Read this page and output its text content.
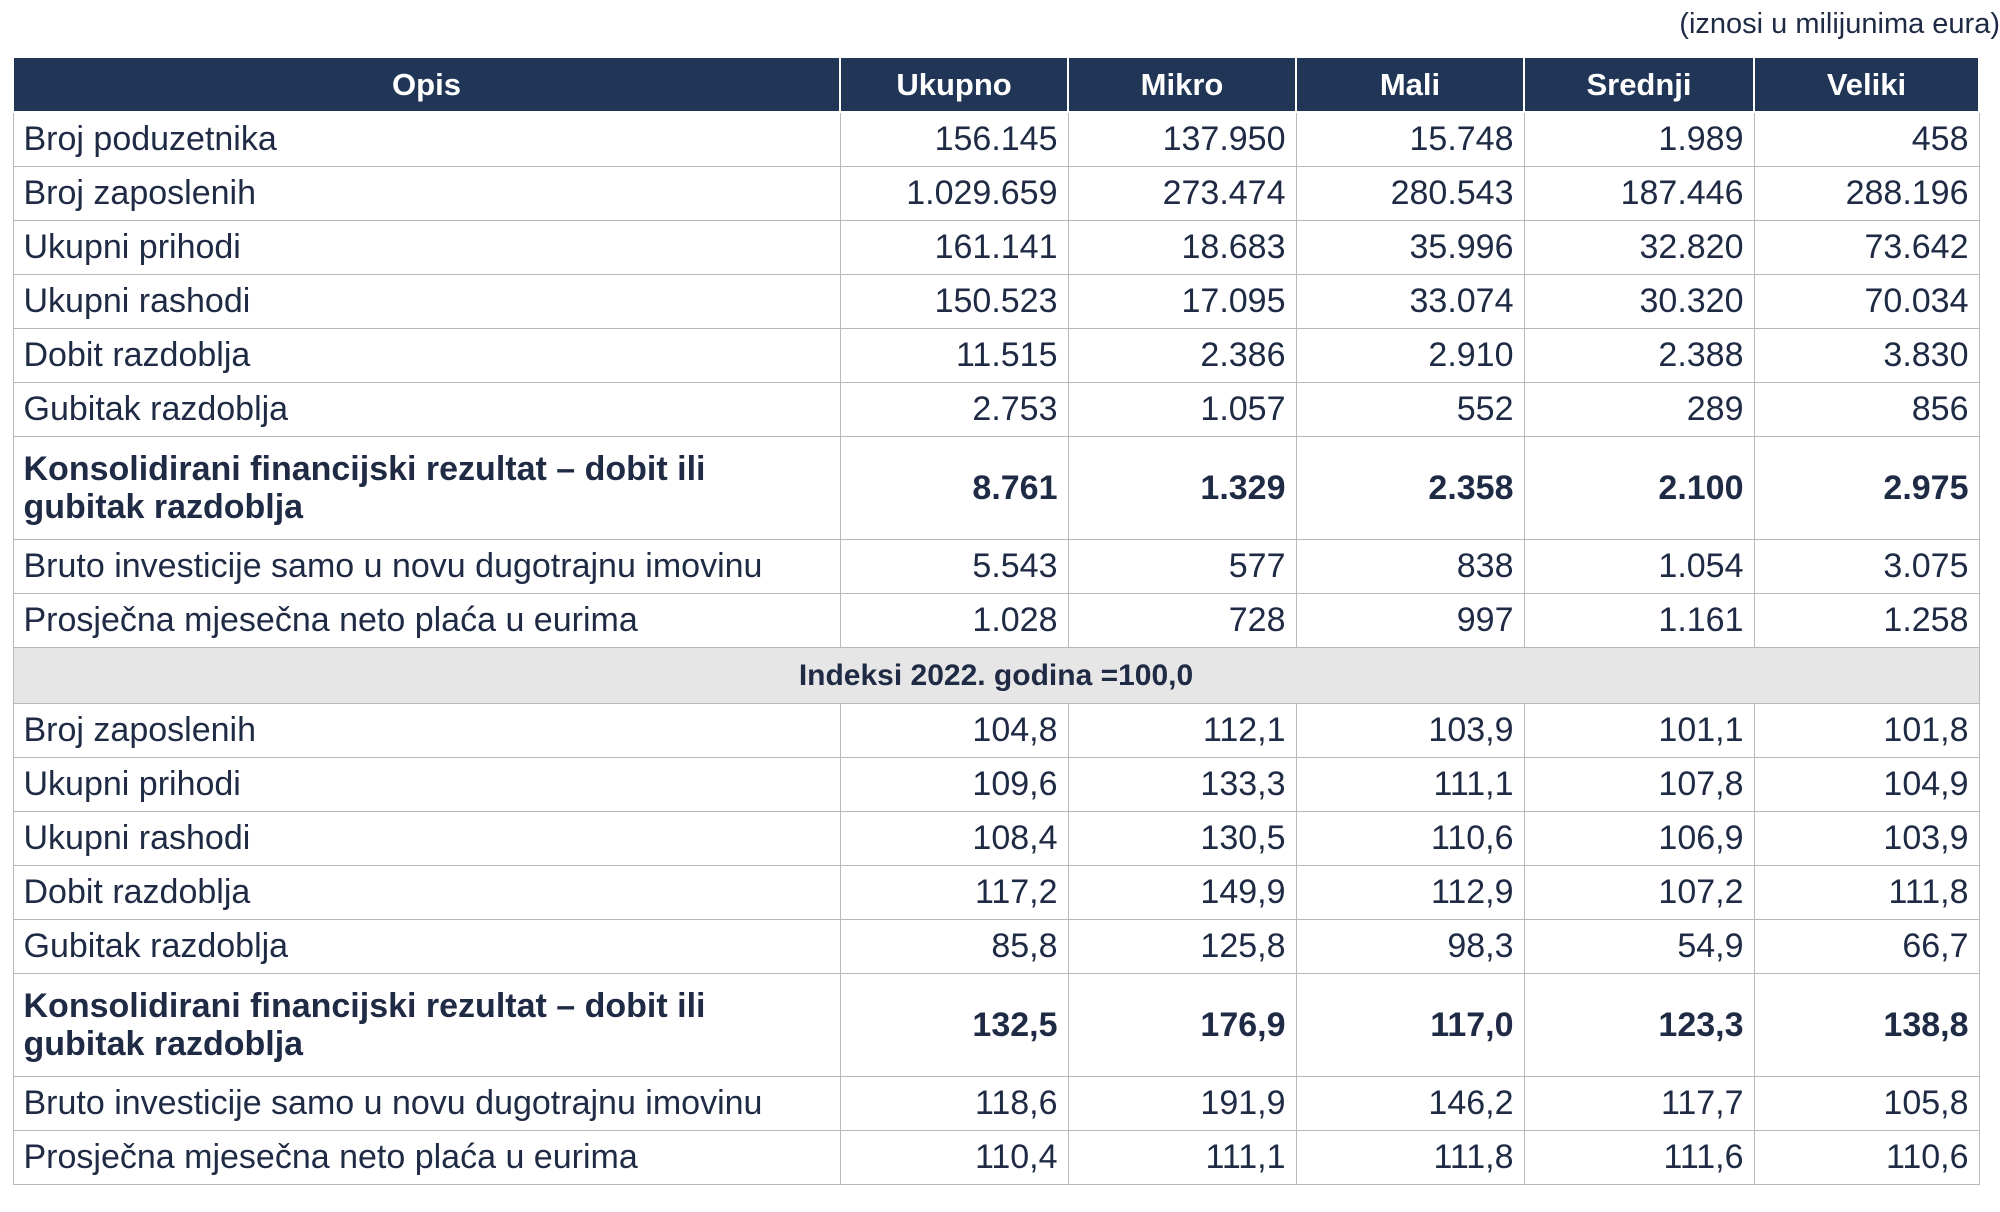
(iznosi u milijunima eura)
Opis	Ukupno	Mikro	Mali	Srednji	Veliki
Broj poduzetnika	156.145	137.950	15.748	1.989	458
Broj zaposlenih	1.029.659	273.474	280.543	187.446	288.196
Ukupni prihodi	161.141	18.683	35.996	32.820	73.642
Ukupni rashodi	150.523	17.095	33.074	30.320	70.034
Dobit razdoblja	11.515	2.386	2.910	2.388	3.830
Gubitak razdoblja	2.753	1.057	552	289	856
Konsolidirani financijski rezultat – dobit ili gubitak razdoblja	8.761	1.329	2.358	2.100	2.975
Bruto investicije samo u novu dugotrajnu imovinu	5.543	577	838	1.054	3.075
Prosječna mjesečna neto plaća u eurima	1.028	728	997	1.161	1.258
Indeksi 2022. godina =100,0					
Broj zaposlenih	104,8	112,1	103,9	101,1	101,8
Ukupni prihodi	109,6	133,3	111,1	107,8	104,9
Ukupni rashodi	108,4	130,5	110,6	106,9	103,9
Dobit razdoblja	117,2	149,9	112,9	107,2	111,8
Gubitak razdoblja	85,8	125,8	98,3	54,9	66,7
Konsolidirani financijski rezultat – dobit ili gubitak razdoblja	132,5	176,9	117,0	123,3	138,8
Bruto investicije samo u novu dugotrajnu imovinu	118,6	191,9	146,2	117,7	105,8
Prosječna mjesečna neto plaća u eurima	110,4	111,1	111,8	111,6	110,6
